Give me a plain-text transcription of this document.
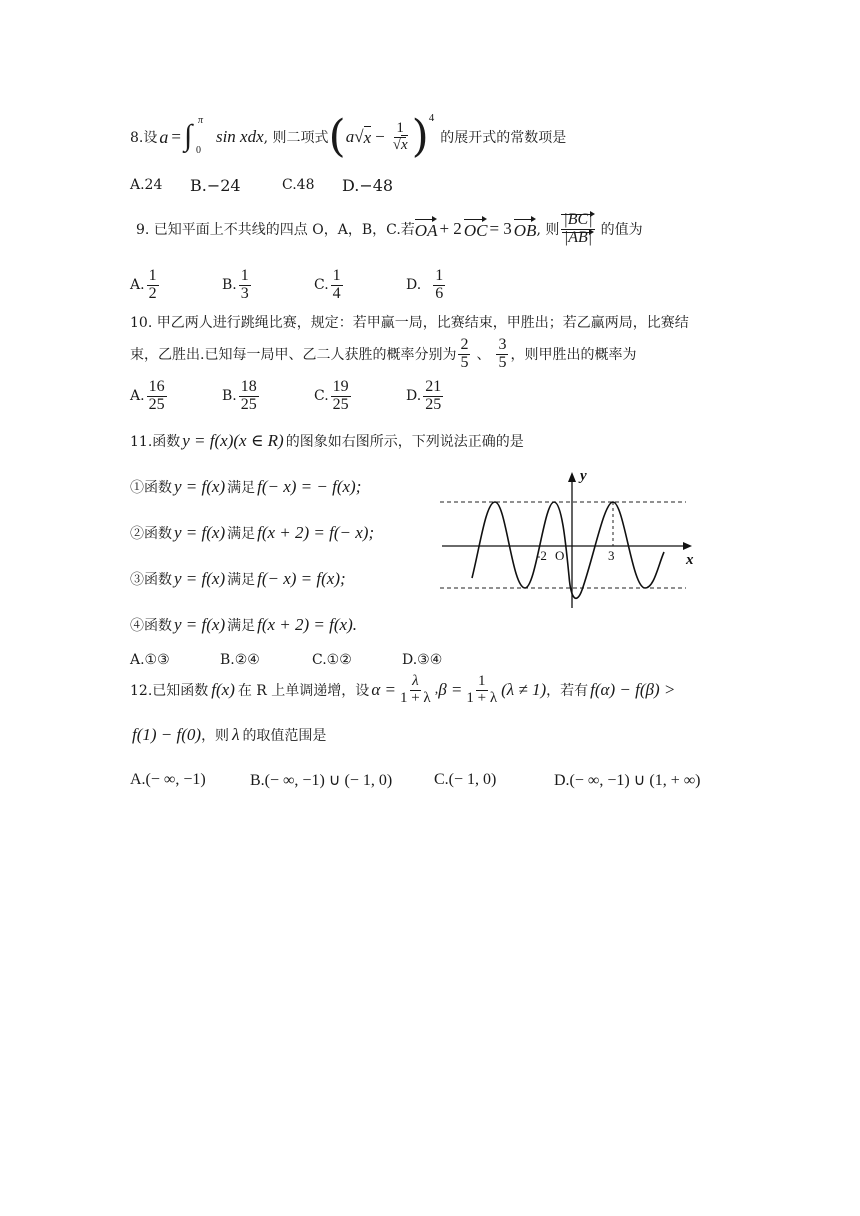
8.设 a = ∫ π
0
sin xdx , 则二项式 ( a √ $x - \frac{1}{√x}$ ) 4
的展开式的常数项是
A.24	B.−24	C.48	D.−48
9. 已知平面上不共线的四点 O，A，B，C.若 OA + 2 OC = 3 OB , 则 $\frac{|BC|}{|AB|}$ 的值为
A. $\frac{1}{2}$	B. $\frac{1}{3}$	C. $\frac{1}{4}$	D. $\frac{1}{6}$
10. 甲乙两人进行跳绳比赛，规定：若甲赢一局，比赛结束，甲胜出；若乙赢两局，比赛结
束，乙胜出.已知每一局甲、乙二人获胜的概率分别为 $\frac{2}{5}$ 、 $\frac{3}{5}$ ，则甲胜出的概率为
A. $\frac{16}{25}$	B. $\frac{18}{25}$	C. $\frac{19}{25}$	D. $\frac{21}{25}$
11.函数 y = f(x)(x ∈ R) 的图象如右图所示，下列说法正确的是
①函数 y = f(x) 满足 f(− x) = − f(x);
②函数 y = f(x) 满足 f(x + 2) = f(− x);
③函数 y = f(x) 满足 f(− x) = f(x);
④函数 y = f(x) 满足 f(x + 2) = f(x).
y
x
-2 O	3
A.①③	B.②④	C.①②	D.③④
12.已知函数 f(x) 在 R 上单调递增，设 $\alpha = \frac{\lambda}{1 + \lambda}$ , $\beta = \frac{1}{1 + \lambda} (\lambda \ne 1)$ ，若有 f(α) − f(β) >
f(1) − f(0) ，则 λ 的取值范围是
A.(− ∞, −1)	B.(− ∞, −1) ∪ (− 1, 0)	C.(− 1, 0)	D.(− ∞, −1) ∪ (1, + ∞)
